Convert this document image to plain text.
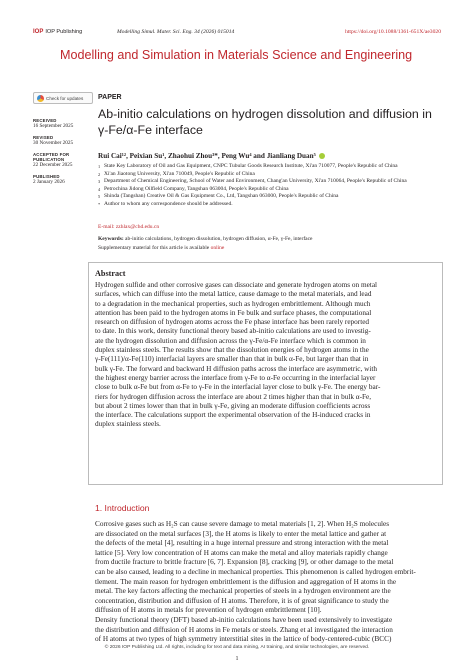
IOP IOP Publishing	Modelling Simul. Mater. Sci. Eng. 34 (2026) 015014	https://doi.org/10.1088/1361-651X/ae3020
Modelling and Simulation in Materials Science and Engineering
Check for updates
RECEIVED
16 September 2025
REVISED
30 November 2025
ACCEPTED FOR PUBLICATION
22 December 2025
PUBLISHED
2 January 2026
PAPER
Ab-initio calculations on hydrogen dissolution and diffusion in
γ-Fe/α-Fe interface
Rui Cai¹², Peixian Su¹, Zhaohui Zhou³*, Peng Wu⁴ and Jianliang Duan⁵
1 State Key Laboratory of Oil and Gas Equipment, CNPC Tubular Goods Research Institute, Xi'an 710077, People's Republic of China
2 Xi'an Jiaotong University, Xi'an 710049, People's Republic of China
3 Department of Chemical Engineering, School of Water and Environment, Chang'an University, Xi'an 710064, People's Republic of China
4 Petrochina Jidong Oilfield Company, Tangshan 063004, People's Republic of China
5 Shinda (Tangshan) Creative Oil & Gas Equipment Co., Ltd, Tangshan 063000, People's Republic of China
* Author to whom any correspondence should be addressed.
E-mail: zzhlax@chd.edu.cn
Keywords: ab-initio calculations, hydrogen dissolution, hydrogen diffusion, α-Fe, γ-Fe, interface
Supplementary material for this article is available online
Abstract
Hydrogen sulfide and other corrosive gases can dissociate and generate hydrogen atoms on metal
surfaces, which can diffuse into the metal lattice, cause damage to the metal materials, and lead
to a degradation in the mechanical properties, such as hydrogen embrittlement. Although much
attention has been paid to the hydrogen atoms in Fe bulk and surface phases, the computational
research on diffusion of hydrogen atoms across the Fe phase interface has been rarely reported
to date. In this work, density functional theory based ab-initio calculations are used to investig-
ate the hydrogen dissolution and diffusion across the γ-Fe/α-Fe interface which is common in
duplex stainless steels. The results show that the dissolution energies of hydrogen atoms in the
γ-Fe(111)/α-Fe(110) interfacial layers are smaller than that in bulk α-Fe, but larger than that in
bulk γ-Fe. The forward and backward H diffusion paths across the interface are asymmetric, with
the highest energy barrier across the interface from γ-Fe to α-Fe occurring in the interfacial layer
close to bulk α-Fe but from α-Fe to γ-Fe in the interfacial layer close to bulk γ-Fe. The energy bar-
riers for hydrogen diffusion across the interface are about 2 times higher than that in bulk α-Fe,
but about 2 times lower than that in bulk γ-Fe, giving an moderate diffusion coefficients across
the interface. The calculations support the experimental observation of the H-induced cracks in
duplex stainless steels.
1. Introduction
Corrosive gases such as H₂S can cause severe damage to metal materials [1, 2]. When H₂S molecules
are dissociated on the metal surfaces [3], the H atoms is likely to enter the metal lattice and gather at
the defects of the metal [4], resulting in a huge internal pressure and strong interaction with the metal
lattice [5]. Very low concentration of H atoms can make the metal and alloy materials rapidly change
from ductile fracture to brittle fracture [6, 7]. Expansion [8], cracking [9], or other damage to the metal
can be also caused, leading to a decline in mechanical properties. This phenomenon is called hydrogen embrit-
tlement. The main reason for hydrogen embrittlement is the diffusion and aggregation of H atoms in the
metal. The key factors affecting the mechanical properties of steels in a hydrogen environment are the
concentration, distribution and diffusion of H atoms. Therefore, it is of great significance to study the
diffusion of H atoms in metals for prevention of hydrogen embrittlement [10].
Density functional theory (DFT) based ab-initio calculations have been used extensively to investigate
the distribution and diffusion of H atoms in Fe metals or steels. Zhang et al investigated the interaction
of H atoms at two types of high symmetry interstitial sites in the lattice of body-centered-cubic (BCC)
© 2026 IOP Publishing Ltd. All rights, including for text and data mining, AI training, and similar technologies, are reserved.
1
